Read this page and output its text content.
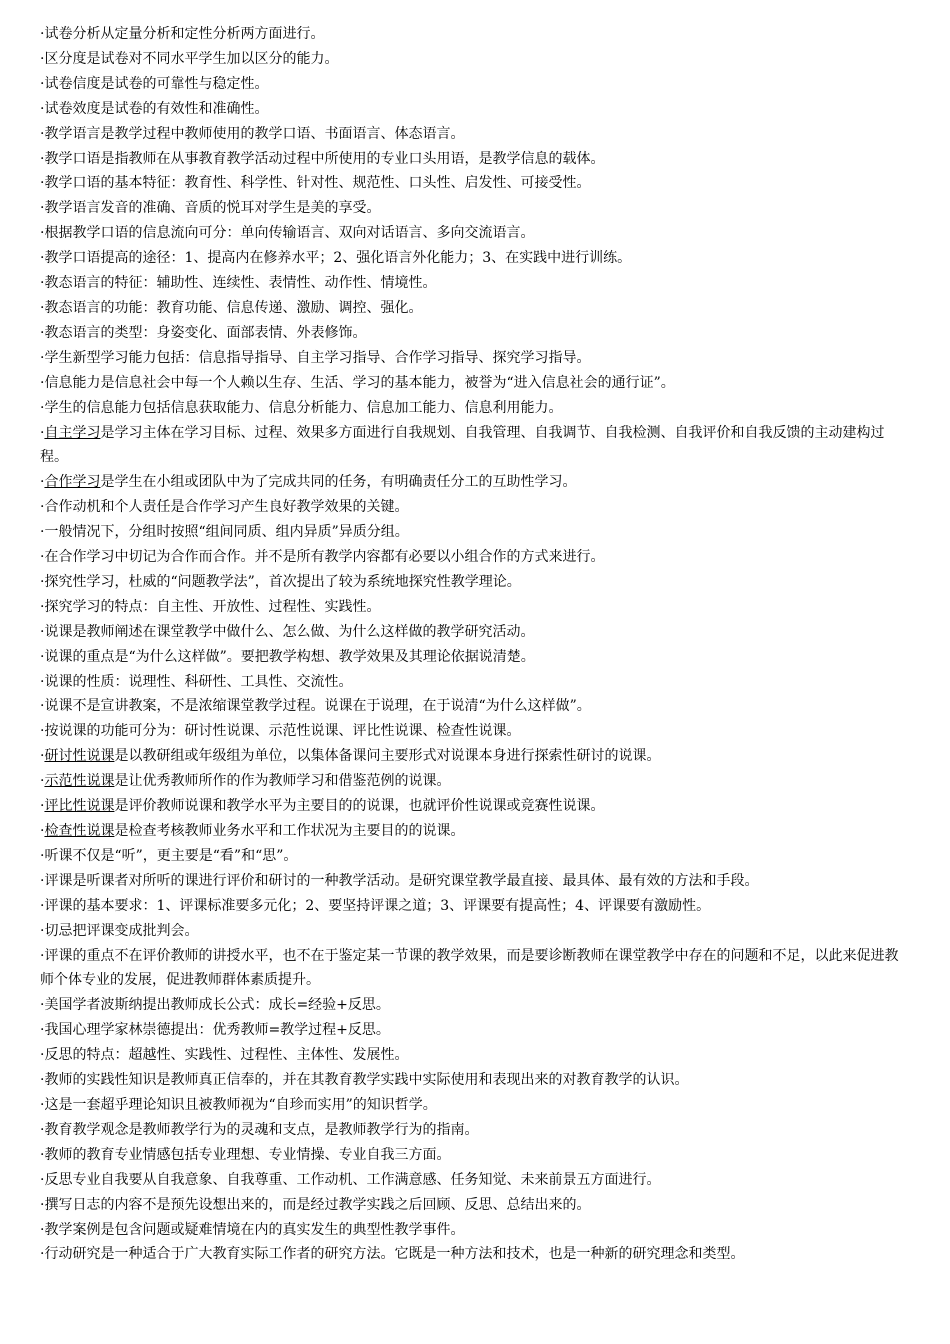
·试卷分析从定量分析和定性分析两方面进行。

·区分度是试卷对不同水平学生加以区分的能力。

·试卷信度是试卷的可靠性与稳定性。

·试卷效度是试卷的有效性和准确性。

·教学语言是教学过程中教师使用的教学口语、书面语言、体态语言。

·教学口语是指教师在从事教育教学活动过程中所使用的专业口头用语，是教学信息的载体。

·教学口语的基本特征：教育性、科学性、针对性、规范性、口头性、启发性、可接受性。

·教学语言发音的准确、音质的悦耳对学生是美的享受。

·根据教学口语的信息流向可分：单向传输语言、双向对话语言、多向交流语言。

·教学口语提高的途径：1、提高内在修养水平；2、强化语言外化能力；3、在实践中进行训练。

·教态语言的特征：辅助性、连续性、表情性、动作性、情境性。

·教态语言的功能：教育功能、信息传递、激励、调控、强化。

·教态语言的类型：身姿变化、面部表情、外表修饰。

·学生新型学习能力包括：信息指导指导、自主学习指导、合作学习指导、探究学习指导。

·信息能力是信息社会中每一个人赖以生存、生活、学习的基本能力，被誉为“进入信息社会的通行证”。

·学生的信息能力包括信息获取能力、信息分析能力、信息加工能力、信息利用能力。

·自主学习是学习主体在学习目标、过程、效果多方面进行自我规划、自我管理、自我调节、自我检测、自我评价和自我反馈的主动建构过程。

·合作学习是学生在小组或团队中为了完成共同的任务，有明确责任分工的互助性学习。

·合作动机和个人责任是合作学习产生良好教学效果的关键。

·一般情况下，分组时按照“组间同质、组内异质”异质分组。

·在合作学习中切记为合作而合作。并不是所有教学内容都有必要以小组合作的方式来进行。

·探究性学习，杜威的“问题教学法”，首次提出了较为系统地探究性教学理论。

·探究学习的特点：自主性、开放性、过程性、实践性。

·说课是教师阐述在课堂教学中做什么、怎么做、为什么这样做的教学研究活动。

·说课的重点是“为什么这样做”。要把教学构想、教学效果及其理论依据说清楚。

·说课的性质：说理性、科研性、工具性、交流性。

·说课不是宣讲教案，不是浓缩课堂教学过程。说课在于说理，在于说清“为什么这样做”。

·按说课的功能可分为：研讨性说课、示范性说课、评比性说课、检查性说课。

·研讨性说课是以教研组或年级组为单位，以集体备课问主要形式对说课本身进行探索性研讨的说课。

·示范性说课是让优秀教师所作的作为教师学习和借鉴范例的说课。

·评比性说课是评价教师说课和教学水平为主要目的的说课，也就评价性说课或竞赛性说课。

·检查性说课是检查考核教师业务水平和工作状况为主要目的的说课。

·听课不仅是“听”，更主要是“看”和“思”。

·评课是听课者对所听的课进行评价和研讨的一种教学活动。是研究课堂教学最直接、最具体、最有效的方法和手段。

·评课的基本要求：1、评课标准要多元化；2、要坚持评课之道；3、评课要有提高性；4、评课要有激励性。

·切忌把评课变成批判会。

·评课的重点不在评价教师的讲授水平，也不在于鉴定某一节课的教学效果，而是要诊断教师在课堂教学中存在的问题和不足，以此来促进教师个体专业的发展，促进教师群体素质提升。

·美国学者波斯纳提出教师成长公式：成长=经验+反思。

·我国心理学家林崇德提出：优秀教师=教学过程+反思。

·反思的特点：超越性、实践性、过程性、主体性、发展性。

·教师的实践性知识是教师真正信奉的，并在其教育教学实践中实际使用和表现出来的对教育教学的认识。

·这是一套超乎理论知识且被教师视为“自珍而实用”的知识哲学。

·教育教学观念是教师教学行为的灵魂和支点，是教师教学行为的指南。

·教师的教育专业情感包括专业理想、专业情操、专业自我三方面。

·反思专业自我要从自我意象、自我尊重、工作动机、工作满意感、任务知觉、未来前景五方面进行。

·撰写日志的内容不是预先设想出来的，而是经过教学实践之后回顾、反思、总结出来的。

·教学案例是包含问题或疑难情境在内的真实发生的典型性教学事件。

·行动研究是一种适合于广大教育实际工作者的研究方法。它既是一种方法和技术，也是一种新的研究理念和类型。
